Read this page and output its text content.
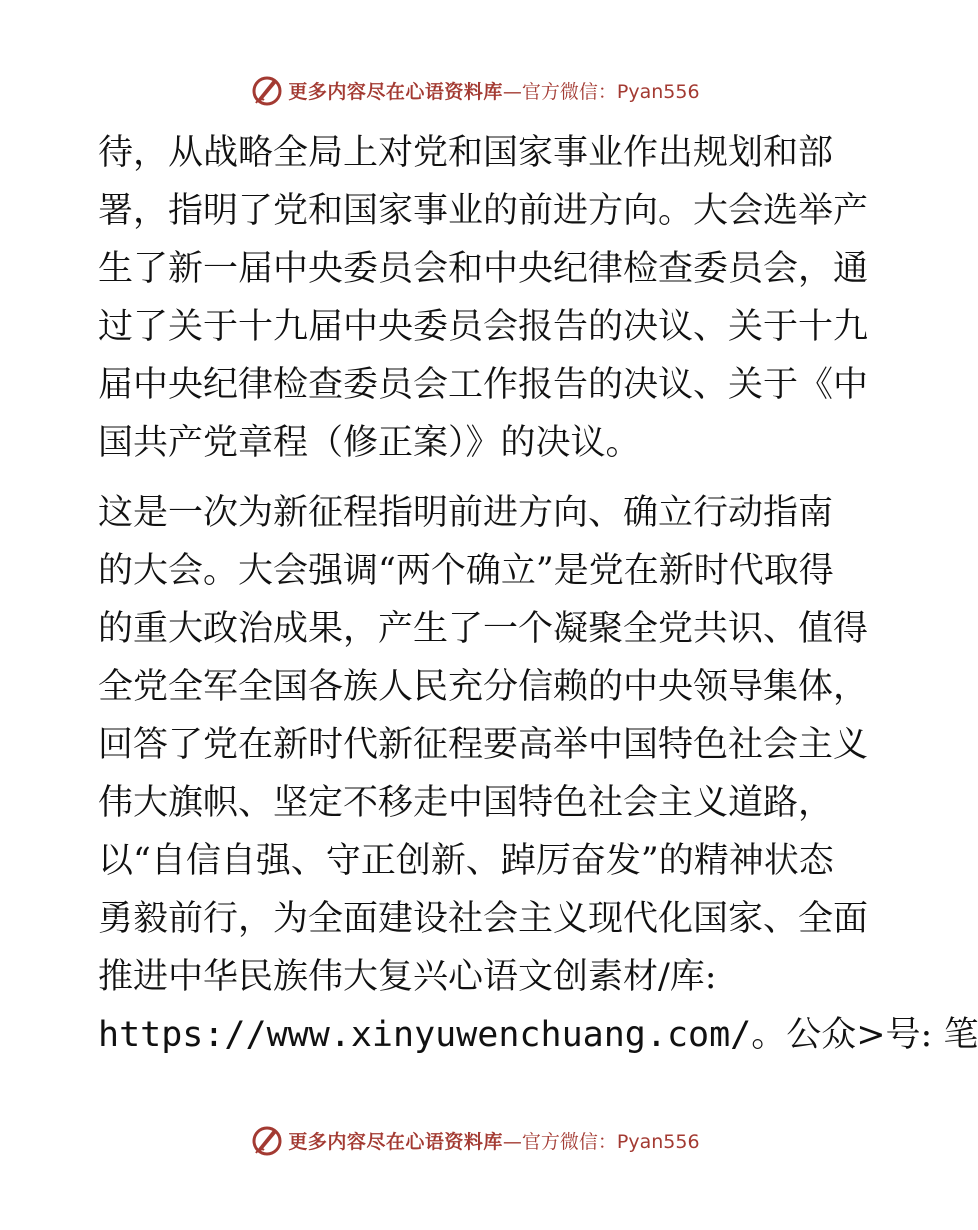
更多内容尽在心语资料库 —官方微信：Pyan556
待，从战略全局上对党和国家事业作出规划和部
署，指明了党和国家事业的前进方向。大会选举产
生了新一届中央委员会和中央纪律检查委员会，通
过了关于十九届中央委员会报告的决议、关于十九
届中央纪律检查委员会工作报告的决议、关于《中
国共产党章程（修正案）》的决议。
这是一次为新征程指明前进方向、确立行动指南
的大会。大会强调“两个确立”是党在新时代取得
的重大政治成果，产生了一个凝聚全党共识、值得
全党全军全国各族人民充分信赖的中央领导集体，
回答了党在新时代新征程要高举中国特色社会主义
伟大旗帜、坚定不移走中国特色社会主义道路，
以“自信自强、守正创新、踔厉奋发”的精神状态
勇毅前行，为全面建设社会主义现代化国家、全面
推进中华民族伟大复兴心语文创素材/库:
https://www.xinyuwenchuang.com/。公众>号: 笔
更多内容尽在心语资料库 —官方微信：Pyan556
